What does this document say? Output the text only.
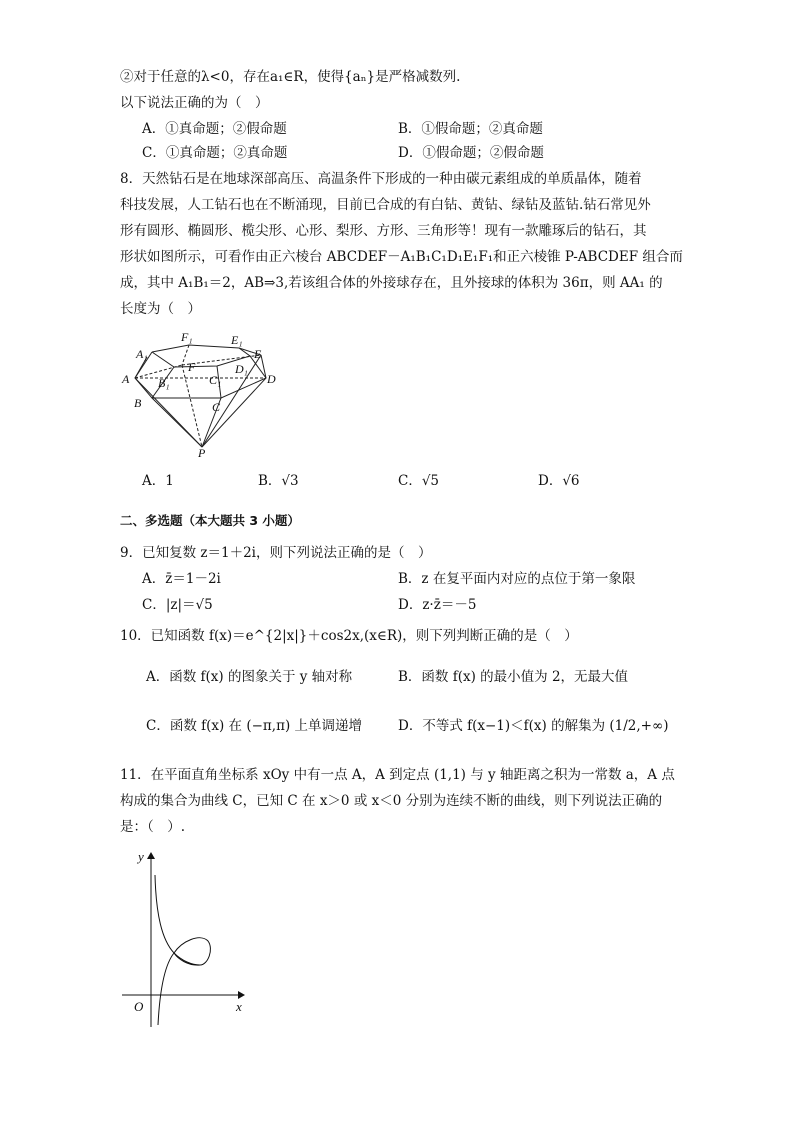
②对于任意的λ<0，存在a₁∈R，使得{aₙ}是严格减数列.
以下说法正确的为（　）
A．①真命题；②假命题	B．①假命题；②真命题
C．①真命题；②真命题	D．①假命题；②假命题
8．天然钻石是在地球深部高压、高温条件下形成的一种由碳元素组成的单质晶体，随着
科技发展，人工钻石也在不断涌现，目前已合成的有白钻、黄钻、绿钻及蓝钻.钻石常见外
形有圆形、椭圆形、榄尖形、心形、梨形、方形、三角形等！现有一款雕琢后的钻石，其
形状如图所示，可看作由正六棱台 ABCDEF－A₁B₁C₁D₁E₁F₁和正六棱锥 P-ABCDEF 组合而
成，其中 A₁B₁＝2，AB⇒3,若该组合体的外接球存在，且外接球的体积为 36π，则 AA₁ 的
长度为（　）
A₁
F₁	E₁
E
A
F	D₁
D
B₁	C₁
B	C
P
A．1	B．√3	C．√5	D．√6
二、多选题（本大题共 3 小题）
9．已知复数 z＝1＋2i，则下列说法正确的是（　）
A．z̄＝1－2i	B．z 在复平面内对应的点位于第一象限
C．|z|＝√5	D．z·z̄＝－5
10．已知函数 f(x)＝e^{2|x|}＋cos2x,(x∈R)，则下列判断正确的是（　）
A．函数 f(x) 的图象关于 y 轴对称	B．函数 f(x) 的最小值为 2，无最大值
C．函数 f(x) 在 (−π,π) 上单调递增	D．不等式 f(x−1)＜f(x) 的解集为 (1/2,+∞)
11．在平面直角坐标系 xOy 中有一点 A，A 到定点 (1,1) 与 y 轴距离之积为一常数 a，A 点
构成的集合为曲线 C，已知 C 在 x＞0 或 x＜0 分别为连续不断的曲线，则下列说法正确的
是：（　）.
y
O	x
